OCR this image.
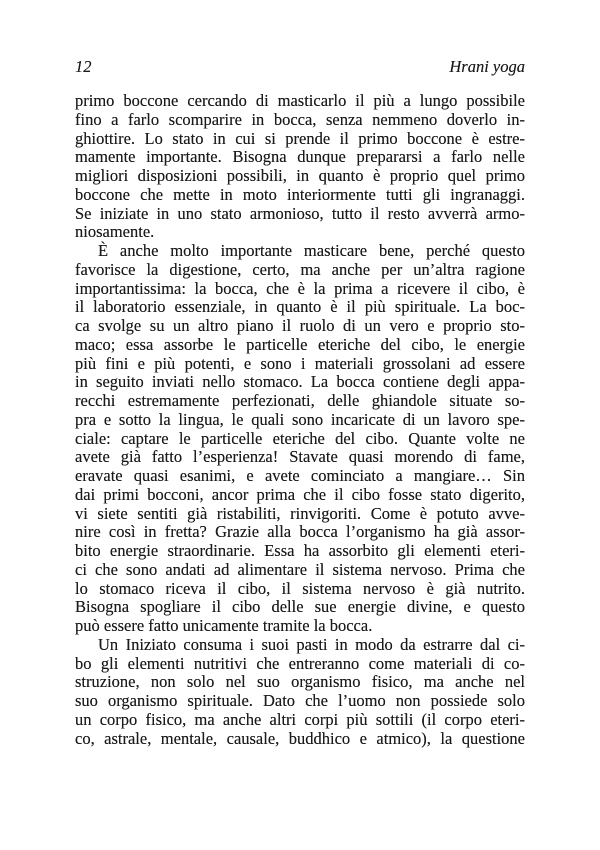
12	Hrani yoga
primo boccone cercando di masticarlo il più a lungo possibile
fino a farlo scomparire in bocca, senza nemmeno doverlo in-
ghiottire. Lo stato in cui si prende il primo boccone è estre-
mamente importante. Bisogna dunque prepararsi a farlo nelle
migliori disposizioni possibili, in quanto è proprio quel primo
boccone che mette in moto interiormente tutti gli ingranaggi.
Se iniziate in uno stato armonioso, tutto il resto avverrà armo-
niosamente.
È anche molto importante masticare bene, perché questo
favorisce la digestione, certo, ma anche per un’altra ragione
importantissima: la bocca, che è la prima a ricevere il cibo, è
il laboratorio essenziale, in quanto è il più spirituale. La boc-
ca svolge su un altro piano il ruolo di un vero e proprio sto-
maco; essa assorbe le particelle eteriche del cibo, le energie
più fini e più potenti, e sono i materiali grossolani ad essere
in seguito inviati nello stomaco. La bocca contiene degli appa-
recchi estremamente perfezionati, delle ghiandole situate so-
pra e sotto la lingua, le quali sono incaricate di un lavoro spe-
ciale: captare le particelle eteriche del cibo. Quante volte ne
avete già fatto l’esperienza! Stavate quasi morendo di fame,
eravate quasi esanimi, e avete cominciato a mangiare… Sin
dai primi bocconi, ancor prima che il cibo fosse stato digerito,
vi siete sentiti già ristabiliti, rinvigoriti. Come è potuto avve-
nire così in fretta? Grazie alla bocca l’organismo ha già assor-
bito energie straordinarie. Essa ha assorbito gli elementi eteri-
ci che sono andati ad alimentare il sistema nervoso. Prima che
lo stomaco riceva il cibo, il sistema nervoso è già nutrito.
Bisogna spogliare il cibo delle sue energie divine, e questo
può essere fatto unicamente tramite la bocca.
Un Iniziato consuma i suoi pasti in modo da estrarre dal ci-
bo gli elementi nutritivi che entreranno come materiali di co-
struzione, non solo nel suo organismo fisico, ma anche nel
suo organismo spirituale. Dato che l’uomo non possiede solo
un corpo fisico, ma anche altri corpi più sottili (il corpo eteri-
co, astrale, mentale, causale, buddhico e atmico), la questione
